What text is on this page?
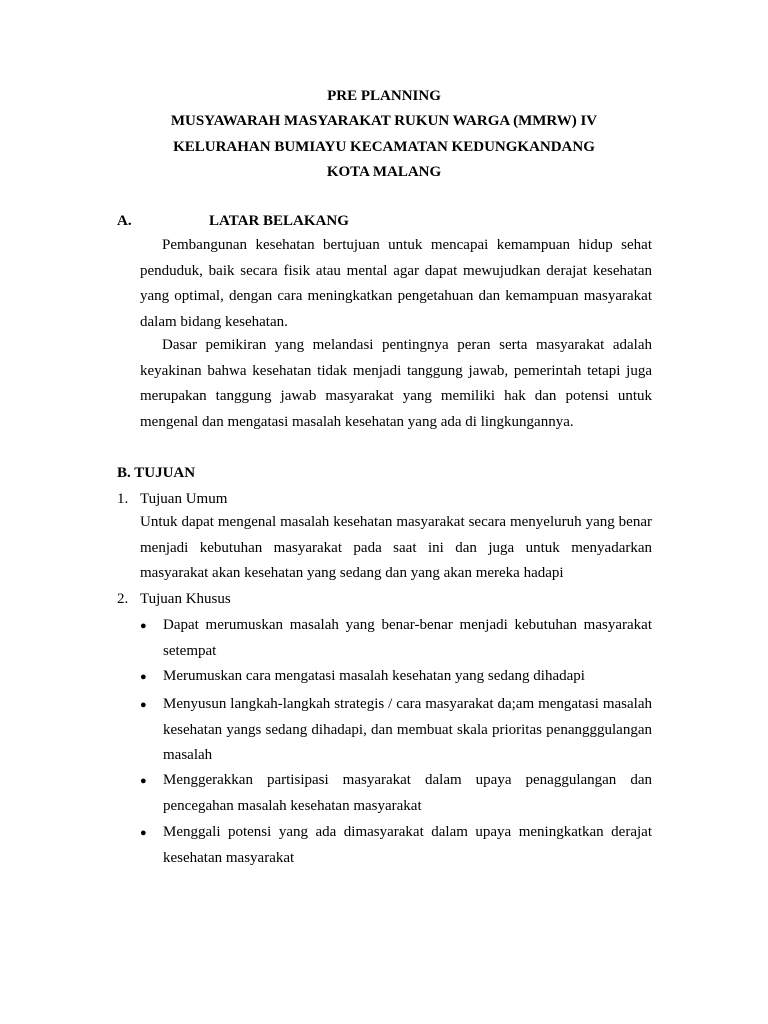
PRE PLANNING
MUSYAWARAH MASYARAKAT RUKUN WARGA (MMRW) IV
KELURAHAN BUMIAYU KECAMATAN KEDUNGKANDANG
KOTA MALANG
A.	LATAR BELAKANG

Pembangunan kesehatan bertujuan untuk mencapai kemampuan hidup sehat penduduk, baik secara fisik atau mental agar dapat mewujudkan derajat kesehatan yang optimal, dengan cara meningkatkan pengetahuan dan kemampuan masyarakat dalam bidang kesehatan.

Dasar pemikiran yang melandasi pentingnya peran serta masyarakat adalah keyakinan bahwa kesehatan tidak menjadi tanggung jawab, pemerintah tetapi juga merupakan tanggung jawab masyarakat yang memiliki hak dan potensi untuk mengenal dan mengatasi masalah kesehatan yang ada di lingkungannya.

B. TUJUAN
1. Tujuan Umum

Untuk dapat mengenal masalah kesehatan masyarakat secara menyeluruh yang benar menjadi kebutuhan masyarakat pada saat ini dan juga untuk menyadarkan masyarakat akan kesehatan yang sedang dan yang akan mereka hadapi

2. Tujuan Khusus
● Dapat merumuskan masalah yang benar-benar menjadi kebutuhan masyarakat setempat

● Merumuskan cara mengatasi masalah kesehatan yang sedang dihadapi

● Menyusun langkah-langkah strategis / cara masyarakat da;am mengatasi masalah kesehatan yangs sedang dihadapi, dan membuat skala prioritas penangggulangan masalah

● Menggerakkan partisipasi masyarakat dalam upaya penaggulangan dan pencegahan masalah kesehatan masyarakat

● Menggali potensi yang ada dimasyarakat dalam upaya meningkatkan derajat kesehatan masyarakat
